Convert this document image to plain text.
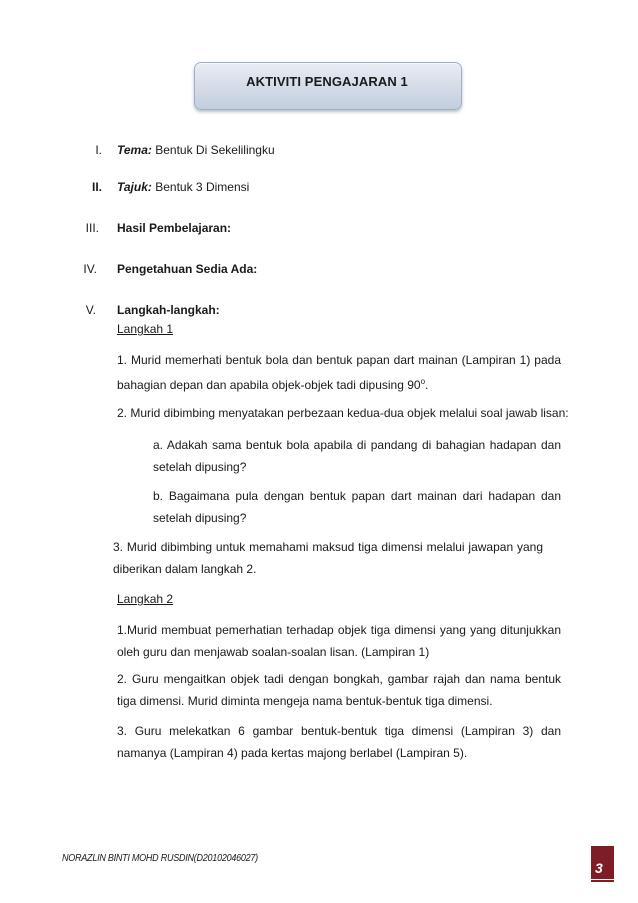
AKTIVITI PENGAJARAN 1
I. Tema: Bentuk Di Sekelilingku
II. Tajuk: Bentuk 3 Dimensi
III. Hasil Pembelajaran:
IV. Pengetahuan Sedia Ada:
V. Langkah-langkah:
Langkah 1
1. Murid memerhati bentuk bola dan bentuk papan dart mainan (Lampiran 1) pada bahagian depan dan apabila objek-objek tadi dipusing 90$^o$.
2. Murid dibimbing menyatakan perbezaan kedua-dua objek melalui soal jawab lisan:
a. Adakah sama bentuk bola apabila di pandang di bahagian hadapan dan setelah dipusing?
b. Bagaimana pula dengan bentuk papan dart mainan dari hadapan dan setelah dipusing?
3. Murid dibimbing untuk memahami maksud tiga dimensi melalui jawapan yang diberikan dalam langkah 2.
Langkah 2
1.Murid membuat pemerhatian terhadap objek tiga dimensi yang yang ditunjukkan oleh guru dan menjawab soalan-soalan lisan. (Lampiran 1)
2. Guru mengaitkan objek tadi dengan bongkah, gambar rajah dan nama bentuk tiga dimensi. Murid diminta mengeja nama bentuk-bentuk tiga dimensi.
3. Guru melekatkan 6 gambar bentuk-bentuk tiga dimensi (Lampiran 3) dan namanya (Lampiran 4) pada kertas majong berlabel (Lampiran 5).
NORAZLIN BINTI MOHD RUSDIN(D20102046027)
3
